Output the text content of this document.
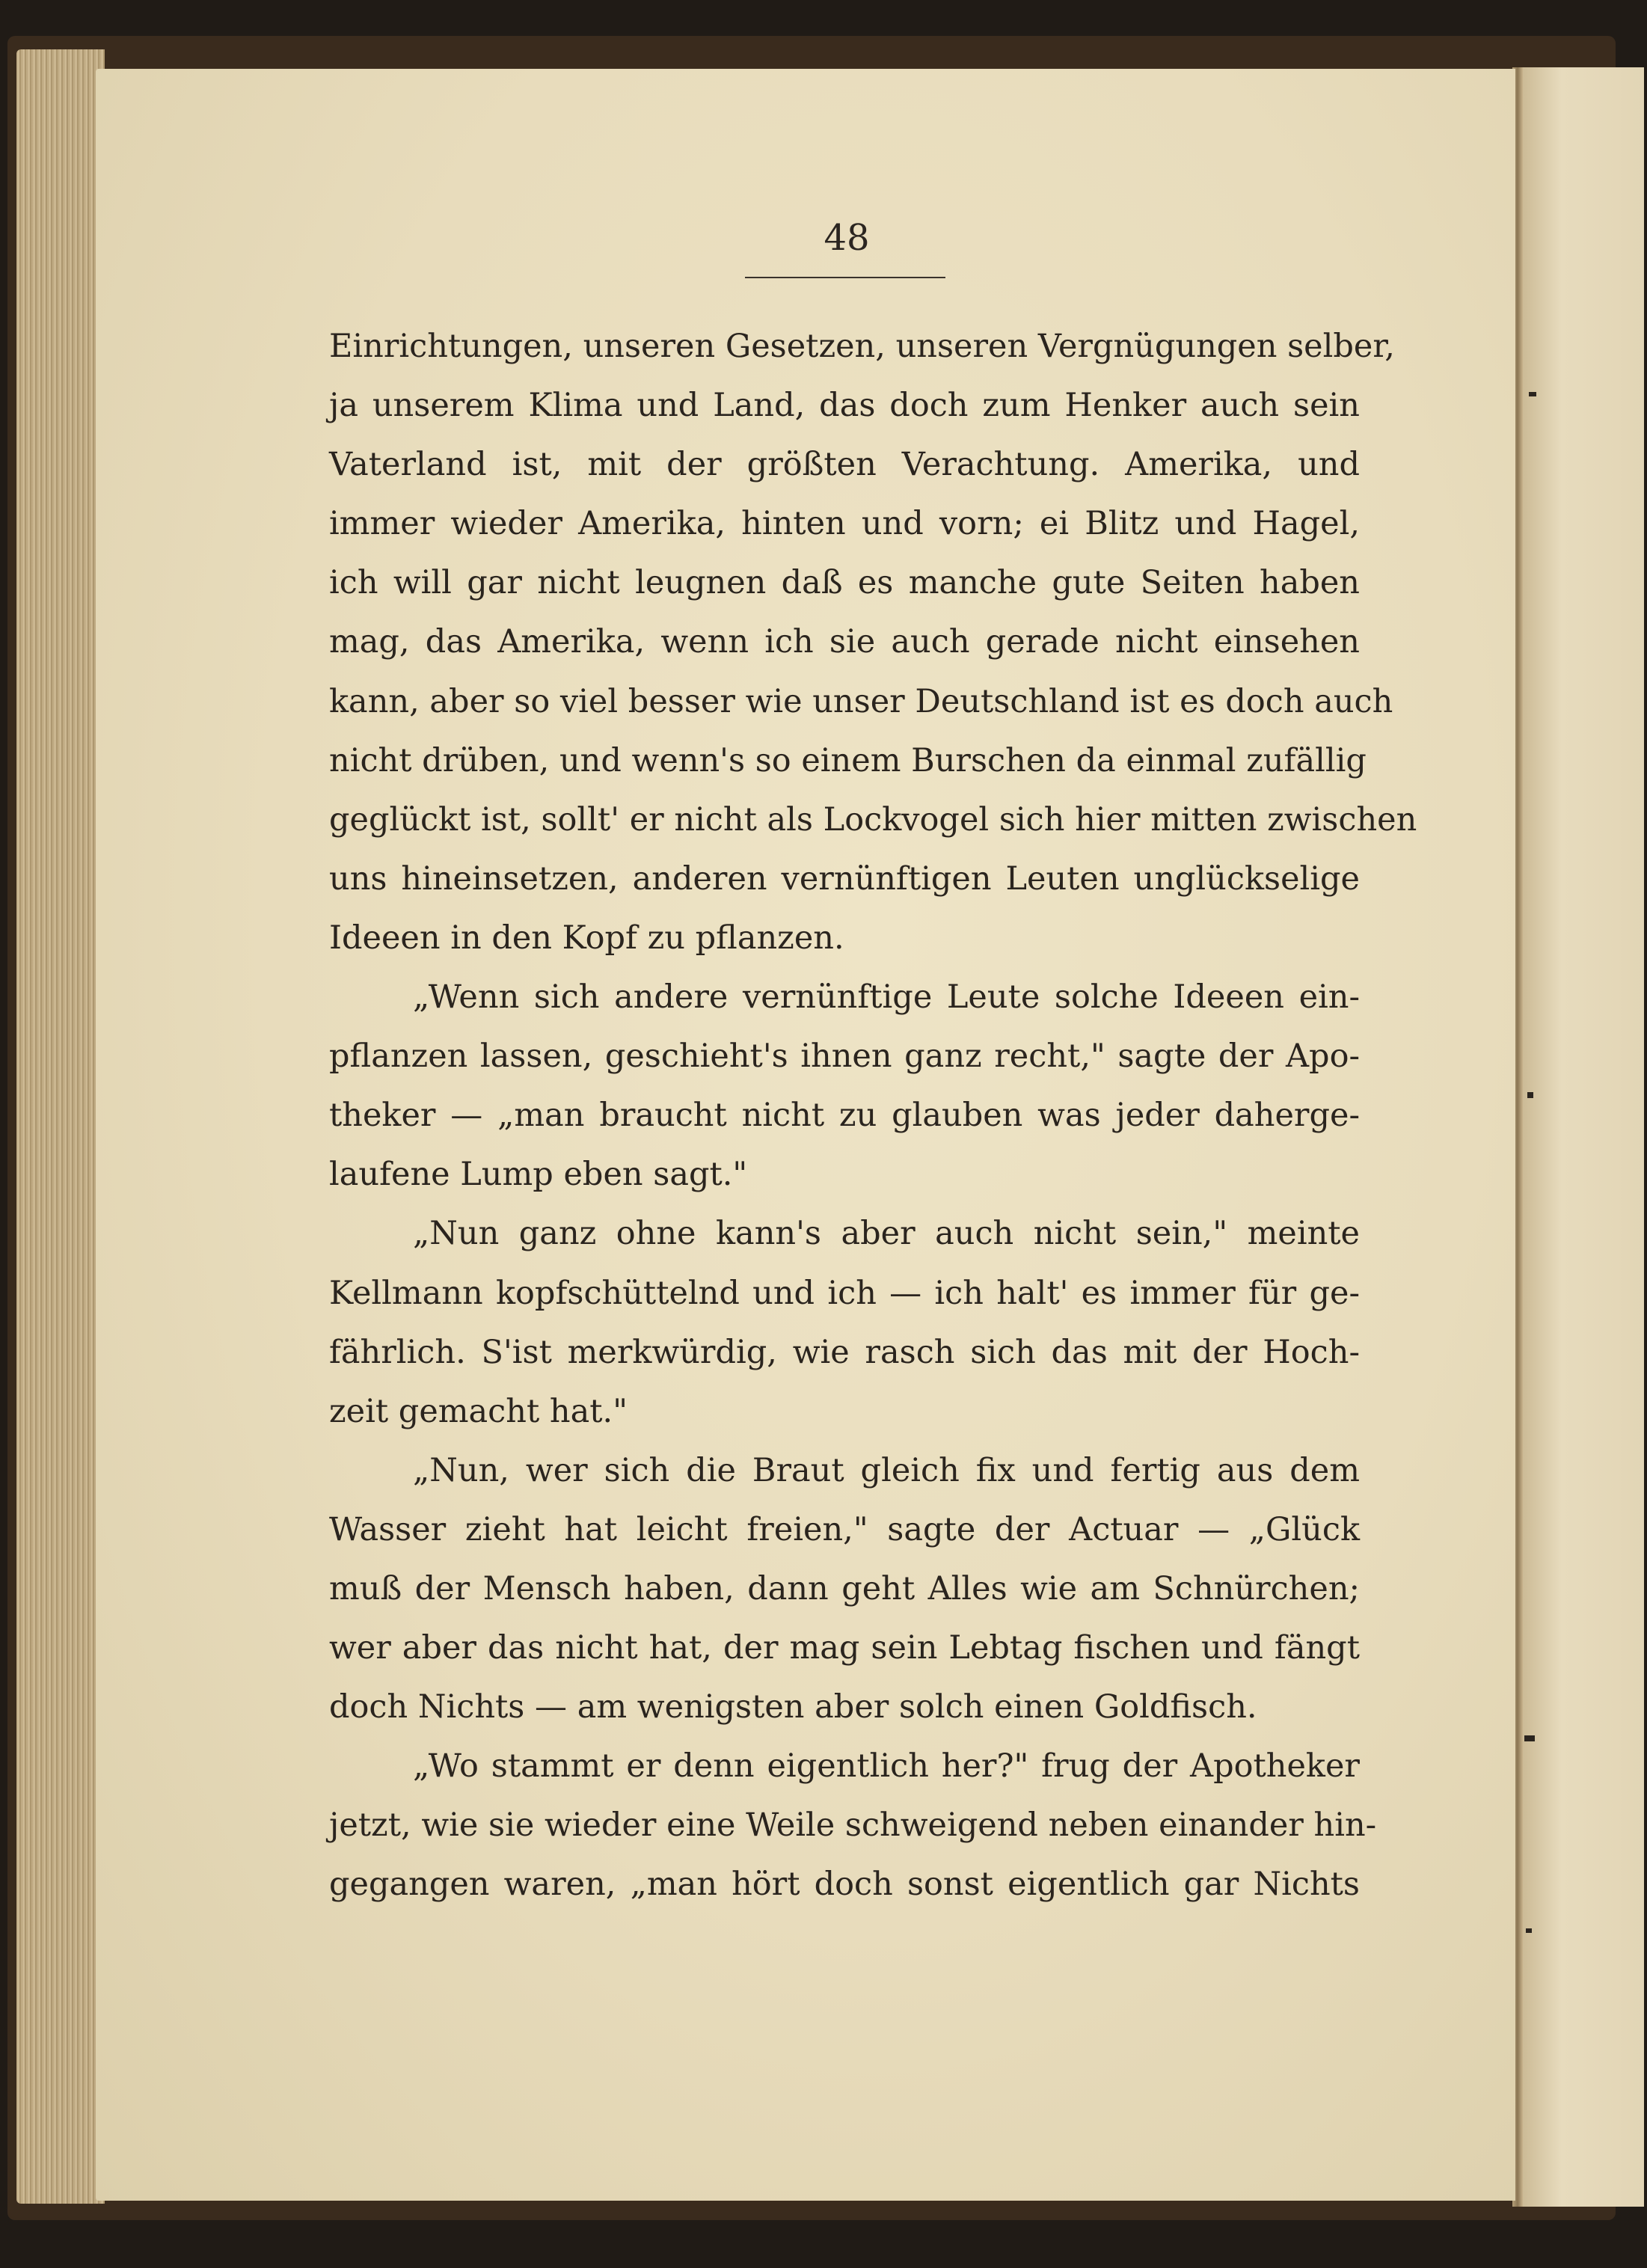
48
Einrichtungen, unseren Gesetzen, unseren Vergnügungen selber,
ja unserem Klima und Land, das doch zum Henker auch sein
Vaterland ist, mit der größten Verachtung. Amerika, und
immer wieder Amerika, hinten und vorn; ei Blitz und Hagel,
ich will gar nicht leugnen daß es manche gute Seiten haben
mag, das Amerika, wenn ich sie auch gerade nicht einsehen
kann, aber so viel besser wie unser Deutschland ist es doch auch
nicht drüben, und wenn's so einem Burschen da einmal zufällig
geglückt ist, sollt' er nicht als Lockvogel sich hier mitten zwischen
uns hineinsetzen, anderen vernünftigen Leuten unglückselige
Ideeen in den Kopf zu pflanzen.
„Wenn sich andere vernünftige Leute solche Ideeen ein-
pflanzen lassen, geschieht's ihnen ganz recht," sagte der Apo-
theker — „man braucht nicht zu glauben was jeder daherge-
laufene Lump eben sagt."
„Nun ganz ohne kann's aber auch nicht sein," meinte
Kellmann kopfschüttelnd und ich — ich halt' es immer für ge-
fährlich. S'ist merkwürdig, wie rasch sich das mit der Hoch-
zeit gemacht hat."
„Nun, wer sich die Braut gleich fix und fertig aus dem
Wasser zieht hat leicht freien," sagte der Actuar — „Glück
muß der Mensch haben, dann geht Alles wie am Schnürchen;
wer aber das nicht hat, der mag sein Lebtag fischen und fängt
doch Nichts — am wenigsten aber solch einen Goldfisch.
„Wo stammt er denn eigentlich her?" frug der Apotheker
jetzt, wie sie wieder eine Weile schweigend neben einander hin-
gegangen waren, „man hört doch sonst eigentlich gar Nichts
